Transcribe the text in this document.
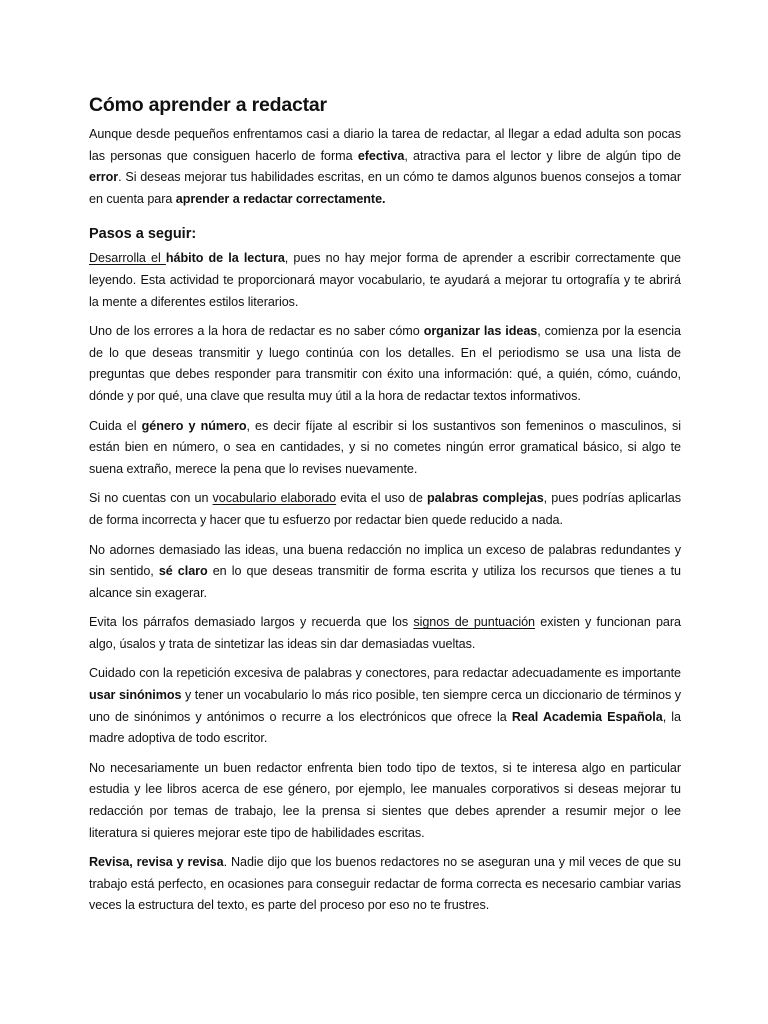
Cómo aprender a redactar

Aunque desde pequeños enfrentamos casi a diario la tarea de redactar, al llegar a edad adulta son pocas las personas que consiguen hacerlo de forma efectiva, atractiva para el lector y libre de algún tipo de error. Si deseas mejorar tus habilidades escritas, en un cómo te damos algunos buenos consejos a tomar en cuenta para aprender a redactar correctamente.

Pasos a seguir:

Desarrolla el hábito de la lectura, pues no hay mejor forma de aprender a escribir correctamente que leyendo. Esta actividad te proporcionará mayor vocabulario, te ayudará a mejorar tu ortografía y te abrirá la mente a diferentes estilos literarios.

Uno de los errores a la hora de redactar es no saber cómo organizar las ideas, comienza por la esencia de lo que deseas transmitir y luego continúa con los detalles. En el periodismo se usa una lista de preguntas que debes responder para transmitir con éxito una información: qué, a quién, cómo, cuándo, dónde y por qué, una clave que resulta muy útil a la hora de redactar textos informativos.

Cuida el género y número, es decir fíjate al escribir si los sustantivos son femeninos o masculinos, si están bien en número, o sea en cantidades, y si no cometes ningún error gramatical básico, si algo te suena extraño, merece la pena que lo revises nuevamente.

Si no cuentas con un vocabulario elaborado evita el uso de palabras complejas, pues podrías aplicarlas de forma incorrecta y hacer que tu esfuerzo por redactar bien quede reducido a nada.

No adornes demasiado las ideas, una buena redacción no implica un exceso de palabras redundantes y sin sentido, sé claro en lo que deseas transmitir de forma escrita y utiliza los recursos que tienes a tu alcance sin exagerar.

Evita los párrafos demasiado largos y recuerda que los signos de puntuación existen y funcionan para algo, úsalos y trata de sintetizar las ideas sin dar demasiadas vueltas.

Cuidado con la repetición excesiva de palabras y conectores, para redactar adecuadamente es importante usar sinónimos y tener un vocabulario lo más rico posible, ten siempre cerca un diccionario de términos y uno de sinónimos y antónimos o recurre a los electrónicos que ofrece la Real Academia Española, la madre adoptiva de todo escritor.

No necesariamente un buen redactor enfrenta bien todo tipo de textos, si te interesa algo en particular estudia y lee libros acerca de ese género, por ejemplo, lee manuales corporativos si deseas mejorar tu redacción por temas de trabajo, lee la prensa si sientes que debes aprender a resumir mejor o lee literatura si quieres mejorar este tipo de habilidades escritas.

Revisa, revisa y revisa. Nadie dijo que los buenos redactores no se aseguran una y mil veces de que su trabajo está perfecto, en ocasiones para conseguir redactar de forma correcta es necesario cambiar varias veces la estructura del texto, es parte del proceso por eso no te frustres.
